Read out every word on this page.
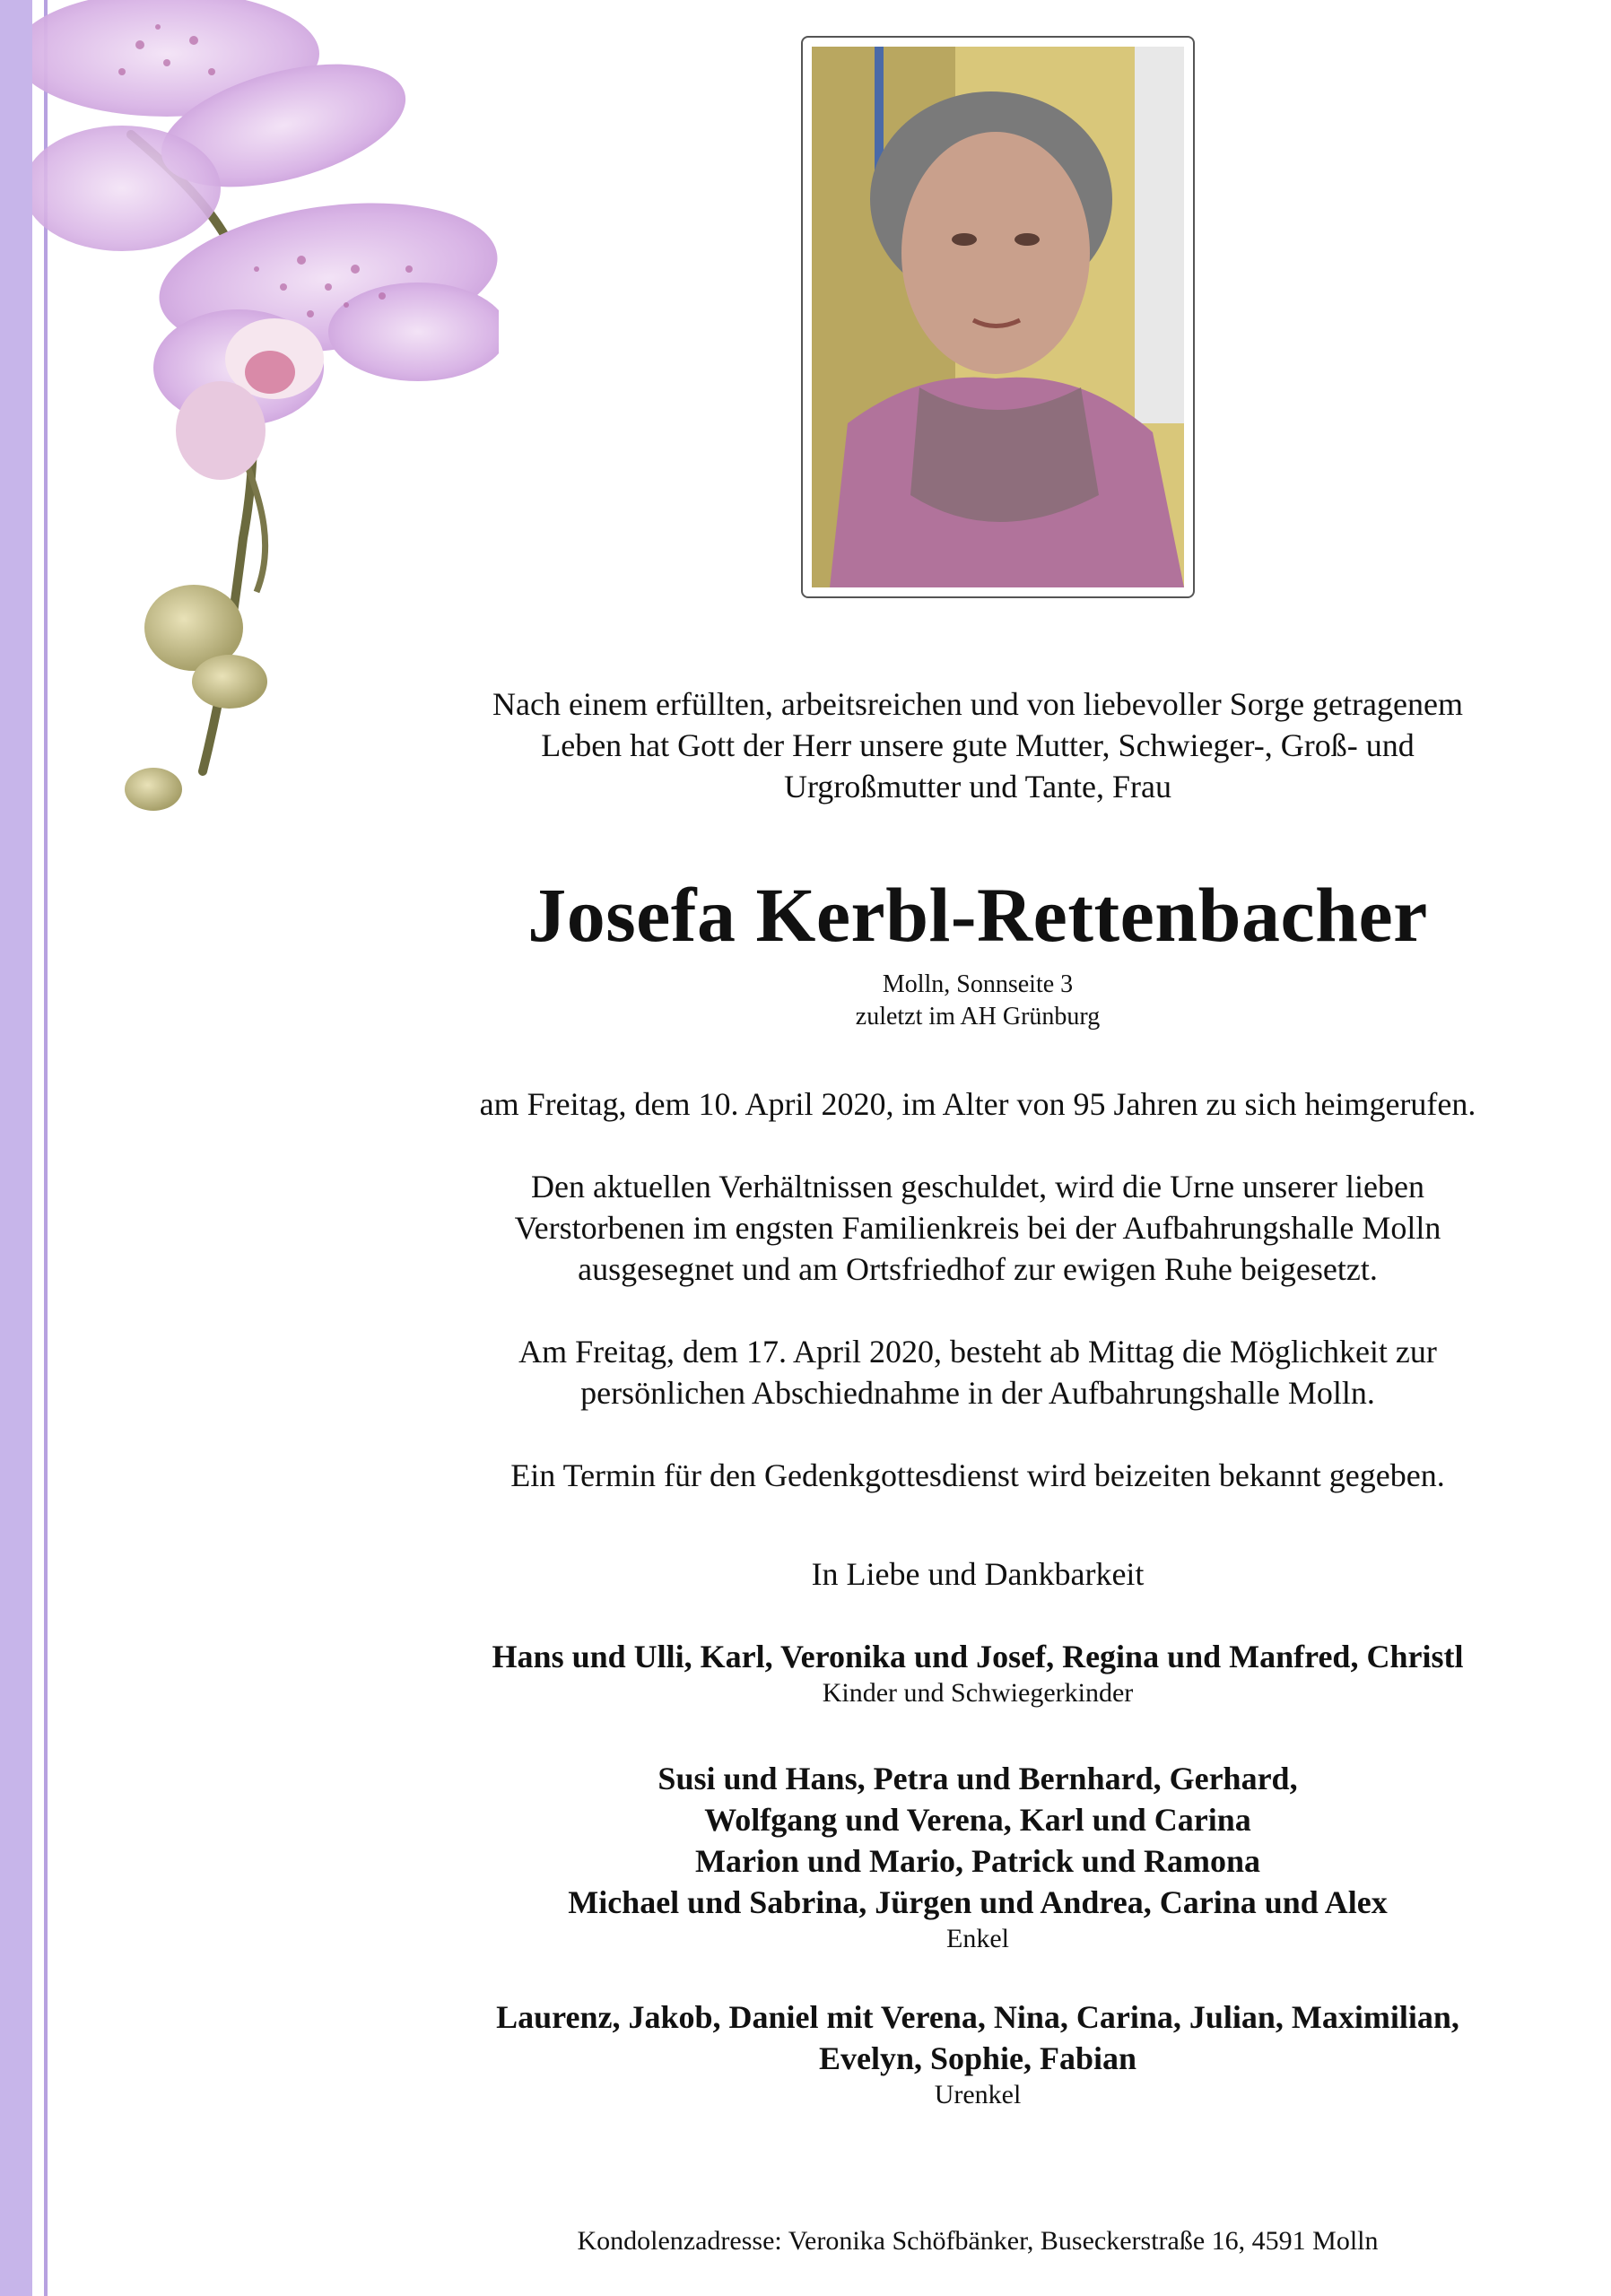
Nach einem erfüllten, arbeitsreichen und von liebevoller Sorge getragenem
Leben hat Gott der Herr unsere gute Mutter, Schwieger-, Groß- und
Urgroßmutter und Tante, Frau
Josefa Kerbl-Rettenbacher
Molln, Sonnseite 3
zuletzt im AH Grünburg
am Freitag, dem 10. April 2020, im Alter von 95 Jahren zu sich heimgerufen.
Den aktuellen Verhältnissen geschuldet, wird die Urne unserer lieben
Verstorbenen im engsten Familienkreis bei der Aufbahrungshalle Molln
ausgesegnet und am Ortsfriedhof zur ewigen Ruhe beigesetzt.
Am Freitag, dem 17. April 2020, besteht ab Mittag die Möglichkeit zur
persönlichen Abschiednahme in der Aufbahrungshalle Molln.
Ein Termin für den Gedenkgottesdienst wird beizeiten bekannt gegeben.
In Liebe und Dankbarkeit
Hans und Ulli, Karl, Veronika und Josef, Regina und Manfred, Christl
Kinder und Schwiegerkinder
Susi und Hans, Petra und Bernhard, Gerhard,
Wolfgang und Verena, Karl und Carina
Marion und Mario, Patrick und Ramona
Michael und Sabrina, Jürgen und Andrea, Carina und Alex
Enkel
Laurenz, Jakob, Daniel mit Verena, Nina, Carina, Julian, Maximilian,
Evelyn, Sophie, Fabian
Urenkel
Kondolenzadresse: Veronika Schöfbänker, Buseckerstraße 16, 4591 Molln
